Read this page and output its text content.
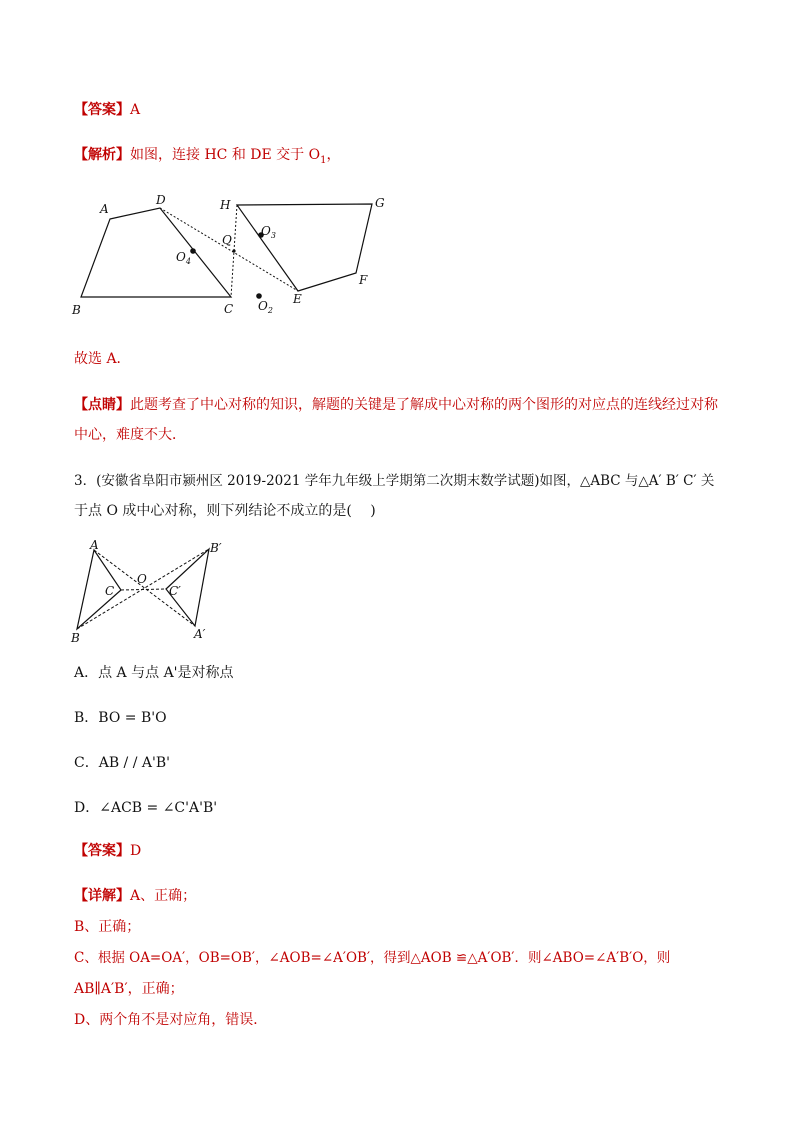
【答案】A
【解析】如图，连接 HC 和 DE 交于 $O_1$，
A
B	C
D	H	G
F
E
Q
$O_3$
$O_4$
$O_2$
故选 A．
【点睛】此题考查了中心对称的知识，解题的关键是了解成中心对称的两个图形的对应点的连线经过对称
中心，难度不大．
3．(安徽省阜阳市颍州区 2019-2021 学年九年级上学期第二次期末数学试题)如图，△ABC 与△A′ B′ C′ 关
于点 O 成中心对称，则下列结论不成立的是(　 )
A
B
C
O
A′
B′
C′
A．点 A 与点 A'是对称点
B．BO = B'O
C．AB / / A'B'
D．∠ACB = ∠C'A'B'
【答案】D
【详解】A、正确；
B、正确；
C、根据 OA=OA′，OB=OB′，∠AOB=∠A′OB′，得到△AOB ≌△A′OB′．则∠ABO=∠A′B′O，则
AB∥A′B′，正确；
D、两个角不是对应角，错误．
